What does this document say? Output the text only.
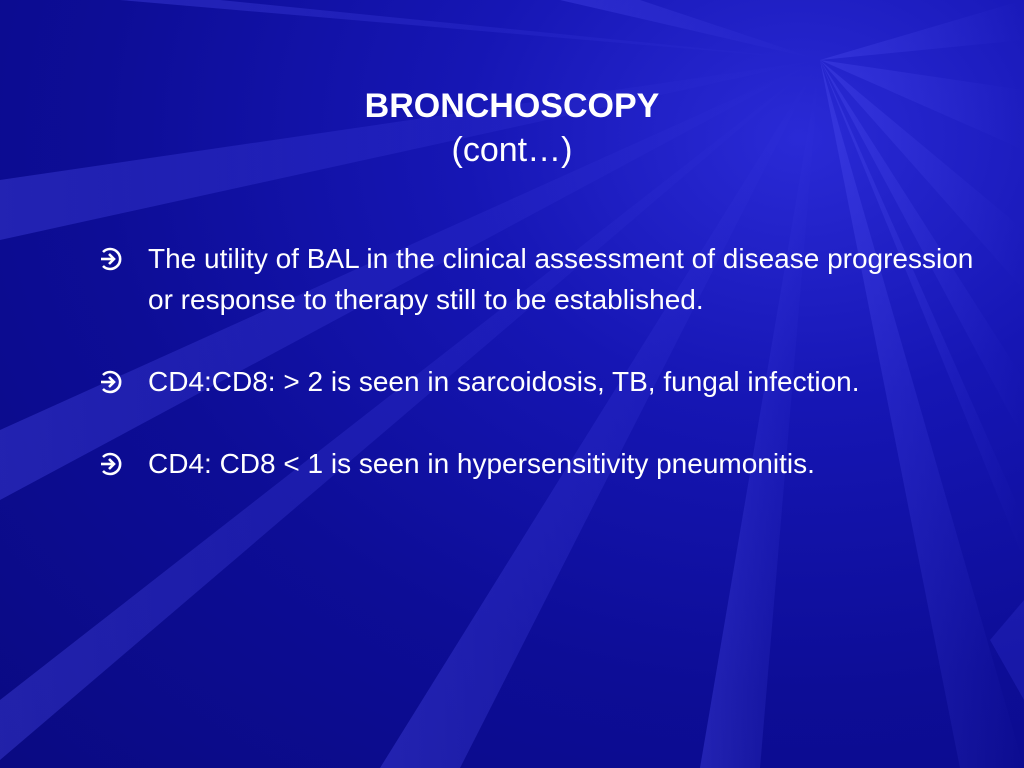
BRONCHOSCOPY
(cont…)
The utility of BAL in the clinical assessment of disease progression or response to therapy still to be established.
CD4:CD8: > 2 is seen in sarcoidosis, TB, fungal infection.
CD4: CD8 < 1 is seen in hypersensitivity pneumonitis.
